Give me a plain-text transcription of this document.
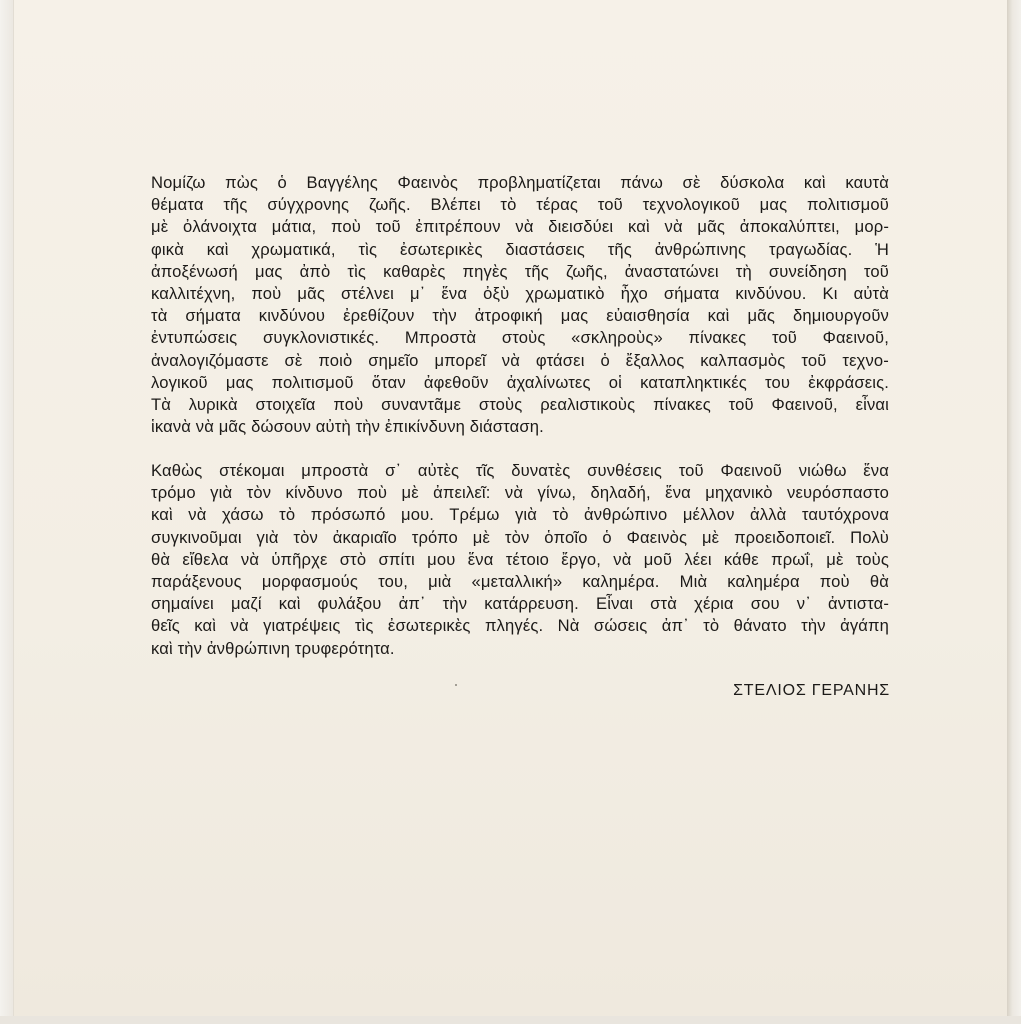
Νομίζω πὼς ὁ Βαγγέλης Φαεινὸς προβληματίζεται πάνω σὲ δύσκολα καὶ καυτὰ
θέματα τῆς σύγχρονης ζωῆς. Βλέπει τὸ τέρας τοῦ τεχνολογικοῦ μας πολιτισμοῦ
μὲ ὀλάνοιχτα μάτια, ποὺ τοῦ ἐπιτρέπουν νὰ διεισδύει καὶ νὰ μᾶς ἀποκαλύπτει, μορ-
φικὰ καὶ χρωματικά, τὶς ἐσωτερικὲς διαστάσεις τῆς ἀνθρώπινης τραγωδίας. Ἡ
ἀποξένωσή μας ἀπὸ τὶς καθαρὲς πηγὲς τῆς ζωῆς, ἀναστατώνει τὴ συνείδηση τοῦ
καλλιτέχνη, ποὺ μᾶς στέλνει μ᾽ ἕνα ὀξὺ χρωματικὸ ἦχο σήματα κινδύνου. Κι αὐτὰ
τὰ σήματα κινδύνου ἐρεθίζουν τὴν ἀτροφική μας εὐαισθησία καὶ μᾶς δημιουργοῦν
ἐντυπώσεις συγκλονιστικές. Μπροστὰ στοὺς «σκληροὺς» πίνακες τοῦ Φαεινοῦ,
ἀναλογιζόμαστε σὲ ποιὸ σημεῖο μπορεῖ νὰ φτάσει ὁ ἔξαλλος καλπασμὸς τοῦ τεχνο-
λογικοῦ μας πολιτισμοῦ ὅταν ἀφεθοῦν ἀχαλίνωτες οἱ καταπληκτικές του ἐκφράσεις.
Τὰ λυρικὰ στοιχεῖα ποὺ συναντᾶμε στοὺς ρεαλιστικοὺς πίνακες τοῦ Φαεινοῦ, εἶναι
ἱκανὰ νὰ μᾶς δώσουν αὐτὴ τὴν ἐπικίνδυνη διάσταση.
Καθὼς στέκομαι μπροστὰ σ᾽ αὐτὲς τῖς δυνατὲς συνθέσεις τοῦ Φαεινοῦ νιώθω ἕνα
τρόμο γιὰ τὸν κίνδυνο ποὺ μὲ ἀπειλεῖ: νὰ γίνω, δηλαδή, ἕνα μηχανικὸ νευρόσπαστο
καὶ νὰ χάσω τὸ πρόσωπό μου. Τρέμω γιὰ τὸ ἀνθρώπινο μέλλον ἀλλὰ ταυτόχρονα
συγκινοῦμαι γιὰ τὸν ἀκαριαῖο τρόπο μὲ τὸν ὁποῖο ὁ Φαεινὸς μὲ προειδοποιεῖ. Πολὺ
θὰ εἴθελα νὰ ὑπῆρχε στὸ σπίτι μου ἕνα τέτοιο ἔργο, νὰ μοῦ λέει κάθε πρωΐ, μὲ τοὺς
παράξενους μορφασμούς του, μιὰ «μεταλλική» καλημέρα. Μιὰ καλημέρα ποὺ θὰ
σημαίνει μαζί καὶ φυλάξου ἀπ᾽ τὴν κατάρρευση. Εἶναι στὰ χέρια σου ν᾽ ἀντιστα-
θεῖς καὶ νὰ γιατρέψεις τὶς ἐσωτερικὲς πληγές. Νὰ σώσεις ἀπ᾽ τὸ θάνατο τὴν ἀγάπη
καὶ τὴν ἀνθρώπινη τρυφερότητα.
ΣΤΕΛΙΟΣ ΓΕΡΑΝΗΣ
